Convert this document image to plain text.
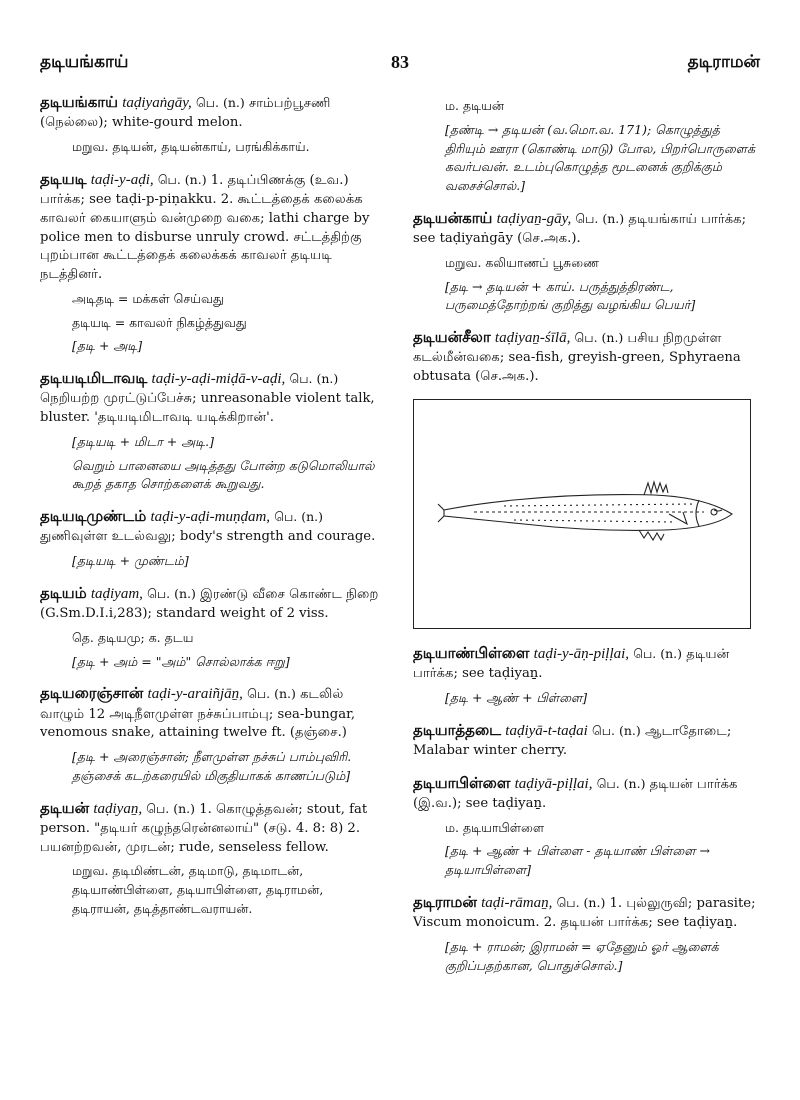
தடியங்காய்	83	தடிராமன்
தடியங்காய் taḍiyaṅgāy, பெ. (n.) சாம்பற்பூசணி (நெல்லை); white-gourd melon.
மறுவ. தடியன், தடியன்காய், பரங்கிக்காய்.
தடியடி taḍi-y-aḍi, பெ. (n.) 1. தடிப்பிணக்கு (உவ.) பார்க்க; see taḍi-p-piṇakku. 2. கூட்டத்தைக் கலைக்க காவலர் கையாளும் வன்முறை வகை; lathi charge by police men to disburse unruly crowd. சட்டத்திற்கு புறம்பான கூட்டத்தைக் கலைக்கக் காவலர் தடியடி நடத்தினர்.
அடிதடி = மக்கள் செய்வது
தடியடி = காவலர் நிகழ்த்துவது
[தடி + அடி]
தடியடிமிடாவடி taḍi-y-aḍi-miḍā-v-aḍi, பெ. (n.) நெறியற்ற முரட்டுப்பேச்சு; unreasonable violent talk, bluster. 'தடியடிமிடாவடி யடிக்கிறான்'.
[தடியடி + மிடா + அடி.]
வெறும் பானையை அடித்தது போன்ற கடுமொலியால் கூறத் தகாத சொற்களைக் கூறுவது.
தடியடிமுண்டம் taḍi-y-aḍi-muṇḍam, பெ. (n.) துணிவுள்ள உடல்வலு; body's strength and courage.
[தடியடி + முண்டம்]
தடியம் taḍiyam, பெ. (n.) இரண்டு வீசை கொண்ட நிறை (G.Sm.D.I.i,283); standard weight of 2 viss.
தெ. தடியமு; க. தடய
[தடி + அம் = "அம்" சொல்லாக்க ஈறு]
தடியரைஞ்சான் taḍi-y-araiñjāṉ, பெ. (n.) கடலில் வாழும் 12 அடிநீளமுள்ள நச்சுப்பாம்பு; sea-bungar, venomous snake, attaining twelve ft. (தஞ்சை.)
[தடி + அரைஞ்சான்; நீளமுள்ள நச்சுப் பாம்புவிரி. தஞ்சைக் கடற்கரையில் மிகுதியாகக் காணப்படும்]
தடியன் taḍiyaṉ, பெ. (n.) 1. கொழுத்தவன்; stout, fat person. "தடியர் கழுந்தரென்னலாய்" (சடு. 4. 8: 8) 2. பயனற்றவன், முரடன்; rude, senseless fellow.
மறுவ. தடிமிண்டன், தடிமாடு, தடிமாடன், தடியாண்பிள்ளை, தடியாபிள்ளை, தடிராமன், தடிராயன், தடித்தாண்டவராயன்.
ம. தடியன்
[தண்டி → தடியன் (வ.மொ.வ. 171); கொழுத்துத் திரியும் ஊரா (கொண்டி மாடு) போல, பிறர்பொருளைக் கவர்பவன். உடம்புகொழுத்த மூடனைக் குறிக்கும் வசைச்சொல்.]
தடியன்காய் taḍiyaṉ-gāy, பெ. (n.) தடியங்காய் பார்க்க; see taḍiyaṅgāy (செ.அக.).
மறுவ. கலியாணப் பூசுணை
[தடி → தடியன் + காய். பருத்துத்திரண்ட, பருமைத்தோற்றங் குறித்து வழங்கிய பெயர்]
தடியன்சீலா taḍiyaṉ-śīlā, பெ. (n.) பசிய நிறமுள்ள கடல்மீன்வகை; sea-fish, greyish-green, Sphyraena obtusata (செ.அக.).
தடியாண்பிள்ளை taḍi-y-āṇ-piḷḷai, பெ. (n.) தடியன் பார்க்க; see taḍiyaṉ.
[தடி + ஆண் + பிள்ளை]
தடியாத்தடை taḍiyā-t-taḍai பெ. (n.) ஆடாதோடை; Malabar winter cherry.
தடியாபிள்ளை taḍiyā-piḷḷai, பெ. (n.) தடியன் பார்க்க (இ.வ.); see taḍiyaṉ.
ம. தடியாபிள்ளை
[தடி + ஆண் + பிள்ளை - தடியாண் பிள்ளை → தடியாபிள்ளை]
தடிராமன் taḍi-rāmaṉ, பெ. (n.) 1. புல்லுருவி; parasite; Viscum monoicum. 2. தடியன் பார்க்க; see taḍiyaṉ.
[தடி + ராமன்; இராமன் = ஏதேனும் ஓர் ஆளைக் குறிப்பதற்கான, பொதுச்சொல்.]
